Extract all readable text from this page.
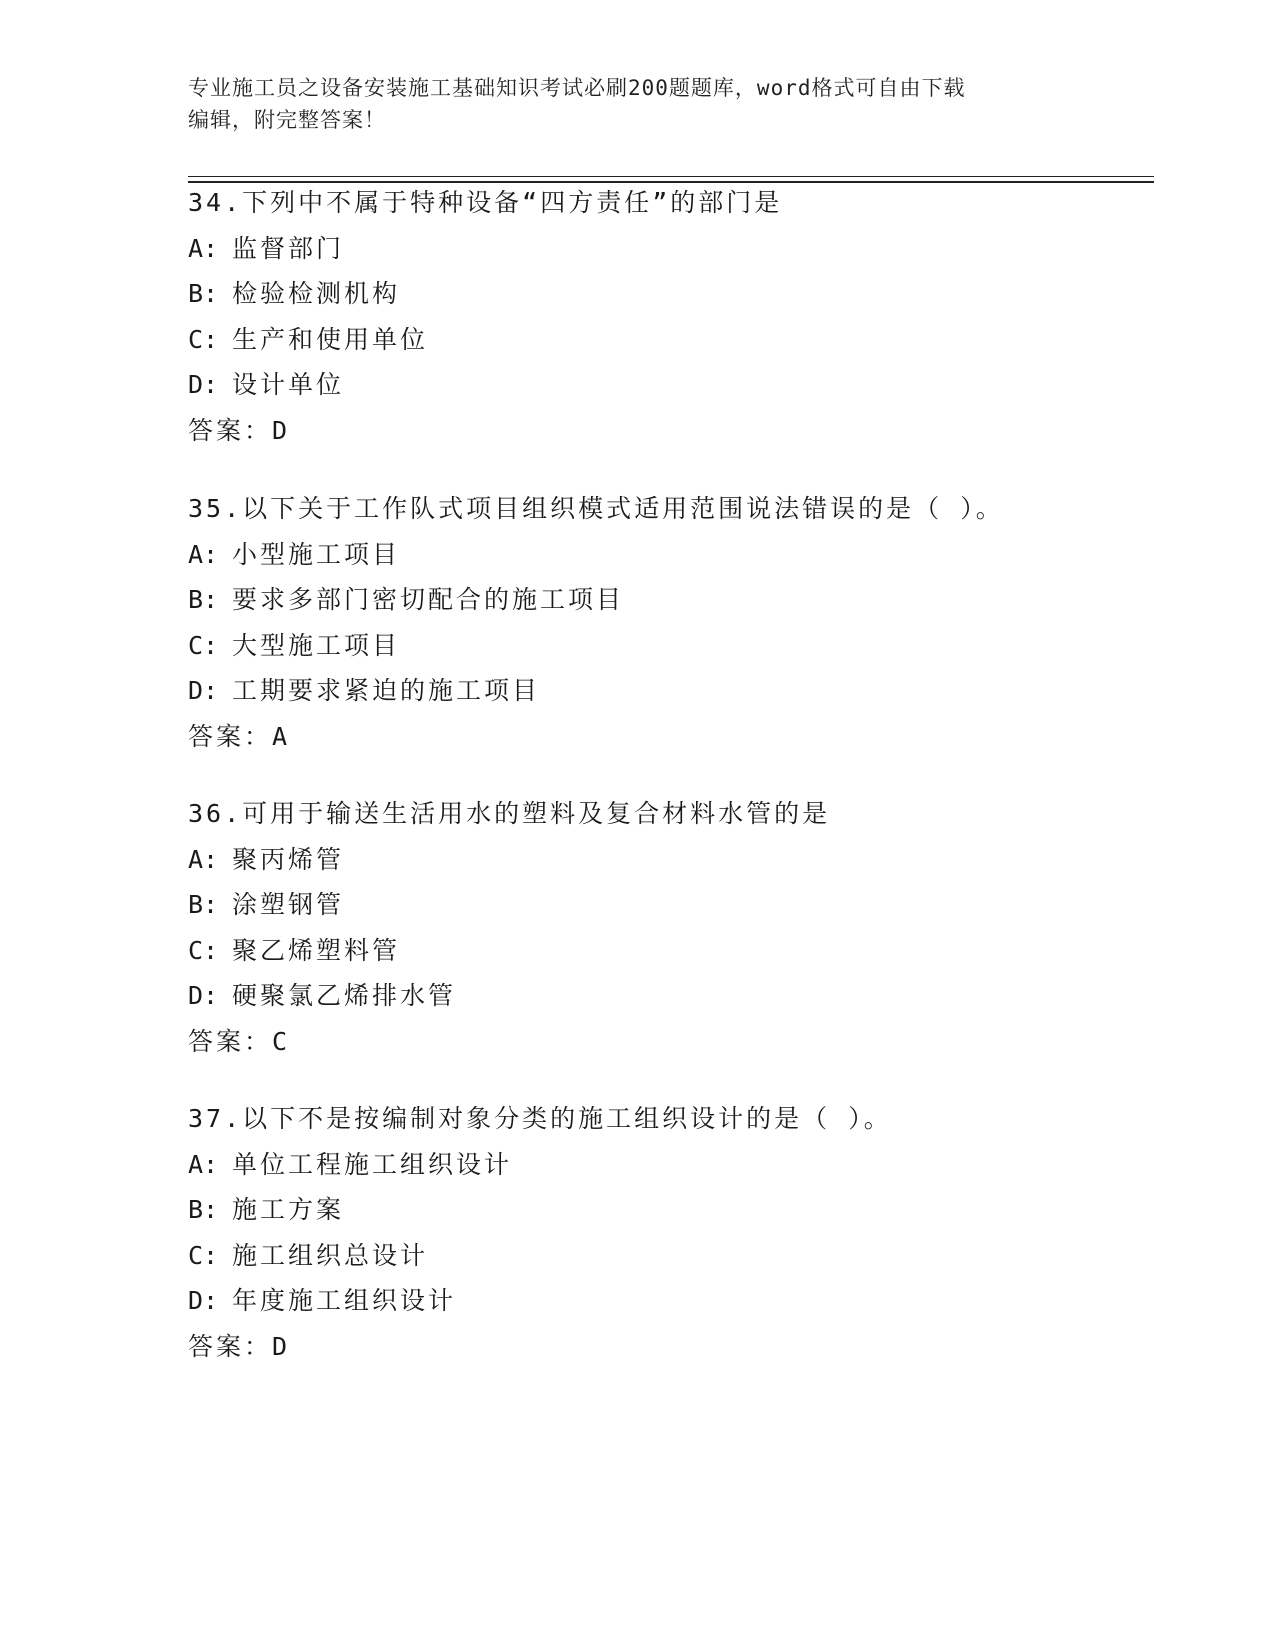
专业施工员之设备安装施工基础知识考试必刷200题题库，word格式可自由下载
编辑，附完整答案！
34.下列中不属于特种设备“四方责任”的部门是
A: 监督部门
B: 检验检测机构
C: 生产和使用单位
D: 设计单位
答案：D
35.以下关于工作队式项目组织模式适用范围说法错误的是（ ）。
A: 小型施工项目
B: 要求多部门密切配合的施工项目
C: 大型施工项目
D: 工期要求紧迫的施工项目
答案：A
36.可用于输送生活用水的塑料及复合材料水管的是
A: 聚丙烯管
B: 涂塑钢管
C: 聚乙烯塑料管
D: 硬聚氯乙烯排水管
答案：C
37.以下不是按编制对象分类的施工组织设计的是（ ）。
A: 单位工程施工组织设计
B: 施工方案
C: 施工组织总设计
D: 年度施工组织设计
答案：D
